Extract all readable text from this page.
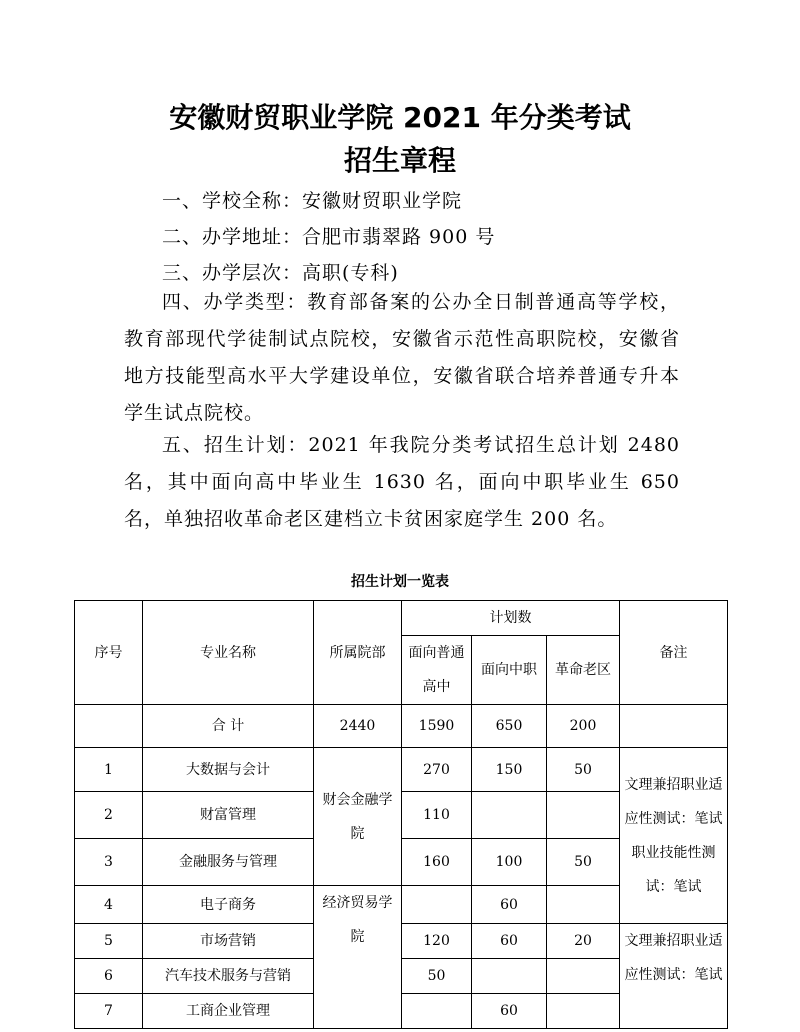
安徽财贸职业学院 2021 年分类考试
招生章程

一、学校全称：安徽财贸职业学院

二、办学地址：合肥市翡翠路 900 号

三、办学层次：高职(专科)

四、办学类型：教育部备案的公办全日制普通高等学校，教育部现代学徒制试点院校，安徽省示范性高职院校，安徽省地方技能型高水平大学建设单位，安徽省联合培养普通专升本学生试点院校。

五、招生计划：2021 年我院分类考试招生总计划 2480 名，其中面向高中毕业生 1630 名，面向中职毕业生 650 名，单独招收革命老区建档立卡贫困家庭学生 200 名。

招生计划一览表

序号	专业名称	所属院部	计划数			备注
			面向普通高中	面向中职	革命老区	
	合 计	2440	1590	650	200	
1	大数据与会计	财会金融学院	270	150	50	文理兼招职业适应性测试：笔试职业技能性测试：笔试
2	财富管理		110			
3	金融服务与管理		160	100	50	
4	电子商务	经济贸易学院		60		
5	市场营销		120	60	20	文理兼招职业适应性测试：笔试
6	汽车技术服务与营销		50			
7	工商企业管理			60		
